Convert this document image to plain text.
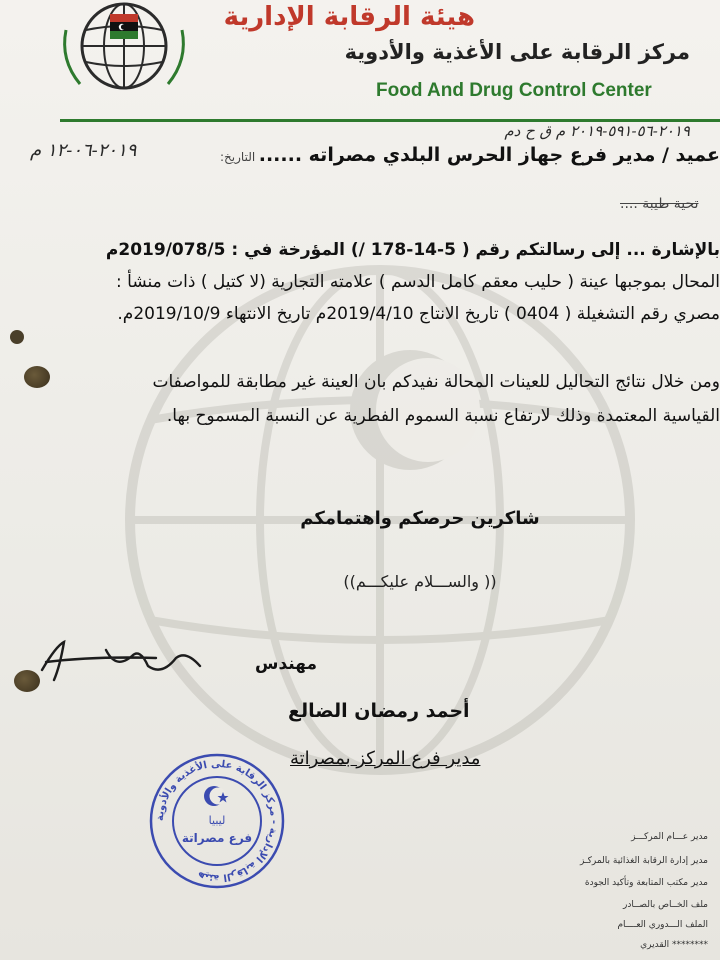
هيئة الرقابة الإدارية
مركز الرقابة على الأغذية والأدوية
Food And Drug Control Center
٢٠١٩-٥٦-٥٩١-٢٠١٩ م ق ح دم
التاريخ:
٢٠١٩-٠٦-١٢ م	عميد / مدير فرع جهاز الحرس البلدي مصراته ......
تحية طيبة ....
بالإشارة ... إلى رسالتكم رقم ( 5-14-178 /) المؤرخة في : 2019/078/5م
المحال بموجبها عينة ( حليب معقم كامل الدسم ) علامته التجارية (لا كتيل ) ذات منشأ :
مصري رقم التشغيلة ( 0404 ) تاريخ الانتاج 2019/4/10م تاريخ الانتهاء 2019/10/9م.
ومن خلال نتائج التحاليل للعينات المحالة نفيدكم بان العينة غير مطابقة للمواصفات
القياسية المعتمدة وذلك لارتفاع نسبة السموم الفطرية عن النسبة المسموح بها.
شاكرين حرصكم واهتمامكم
(( والســـلام عليكـــم))
مهندس
أحمد رمضان الضالع
مدير فرع المركز بمصراتة
هيئة الرقابة الإدارية - مركز الرقابة على الأغذية والأدوية
ليبيا
فرع مصراتة	مدير عـــام المركـــز
مدير إدارة الرقابة الغذائية بالمركـز
مدير مكتب المتابعة وتأكيد الجودة
ملف الخــاص بالصــادر
الملف الـــدوري العــــام
******** القديري
